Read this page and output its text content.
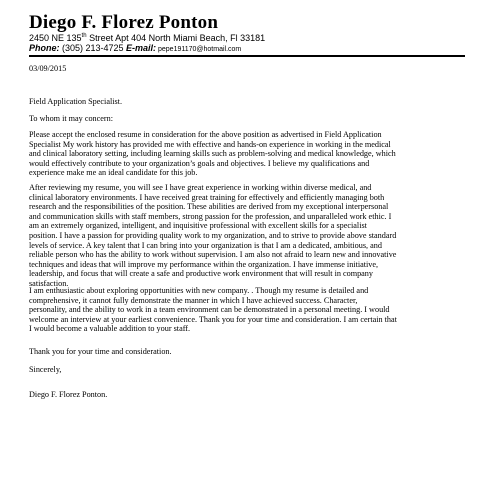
Diego F. Florez Ponton
2450 NE 135th Street Apt 404 North Miami Beach, Fl 33181
Phone: (305) 213-4725 E-mail: pepe191170@hotmail.com
03/09/2015
Field Application Specialist.
To whom it may concern:
Please accept the enclosed resume in consideration for the above position as advertised in Field Application
Specialist My work history has provided me with effective and hands-on experience in working in the medical
and clinical laboratory setting, including learning skills such as problem-solving and medical knowledge, which
would effectively contribute to your organization’s goals and objectives. I believe my qualifications and
experience make me an ideal candidate for this job.
After reviewing my resume, you will see I have great experience in working within diverse medical, and
clinical laboratory environments. I have received great training for effectively and efficiently managing both
research and the responsibilities of the position. These abilities are derived from my exceptional interpersonal
and communication skills with staff members, strong passion for the profession, and unparalleled work ethic. I
am an extremely organized, intelligent, and inquisitive professional with excellent skills for a specialist
position. I have a passion for providing quality work to my organization, and to strive to provide above standard
levels of service. A key talent that I can bring into your organization is that I am a dedicated, ambitious, and
reliable person who has the ability to work without supervision. I am also not afraid to learn new and innovative
techniques and ideas that will improve my performance within the organization. I have immense initiative,
leadership, and focus that will create a safe and productive work environment that will result in company
satisfaction.
I am enthusiastic about exploring opportunities with new company. . Though my resume is detailed and
comprehensive, it cannot fully demonstrate the manner in which I have achieved success. Character,
personality, and the ability to work in a team environment can be demonstrated in a personal meeting. I would
welcome an interview at your earliest convenience. Thank you for your time and consideration. I am certain that
I would become a valuable addition to your staff.
Thank you for your time and consideration.
Sincerely,
Diego F. Florez Ponton.
